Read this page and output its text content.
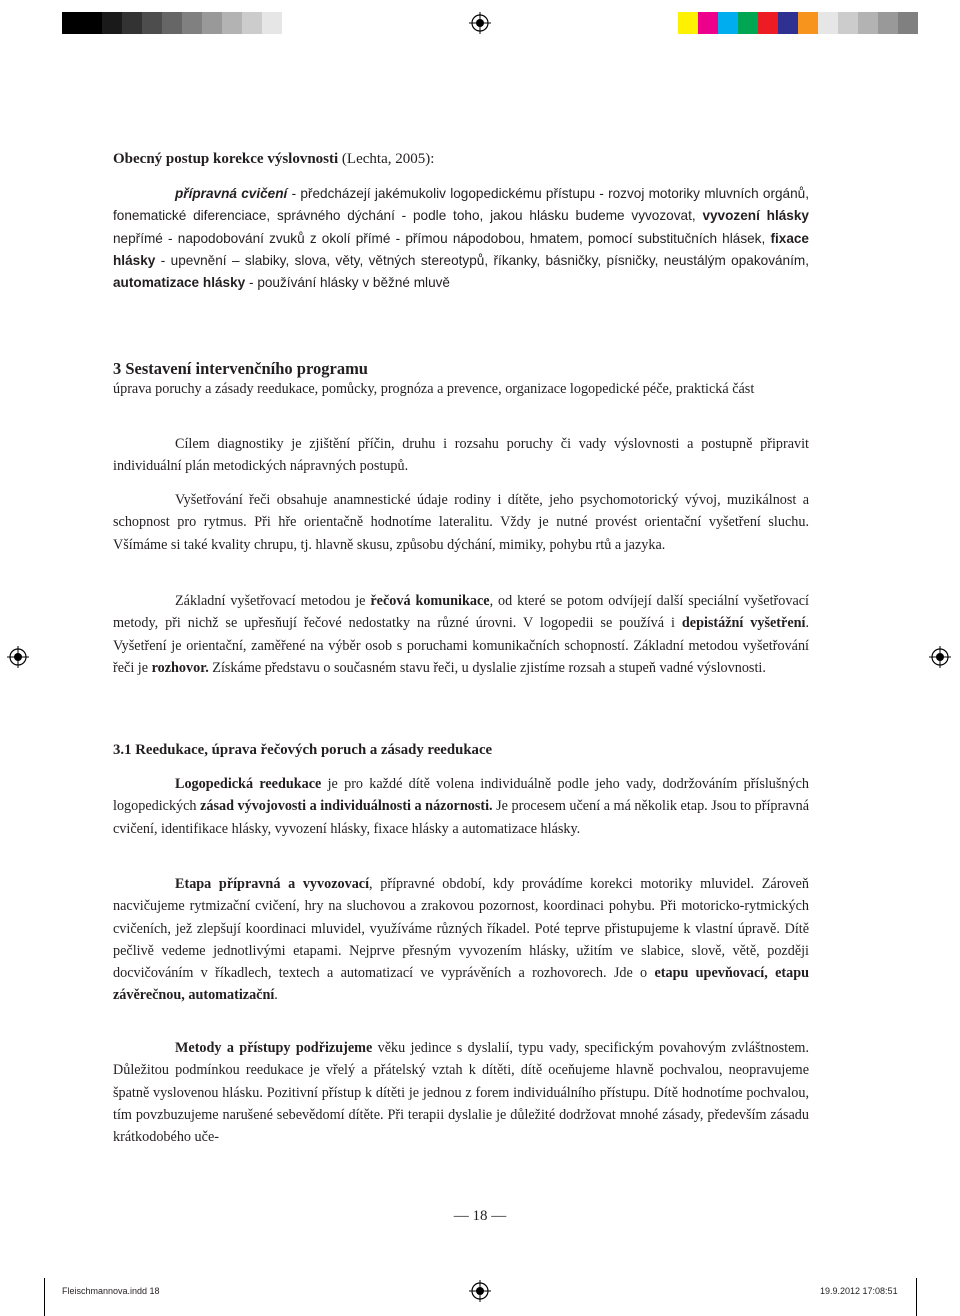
Obecný postup korekce výslovnosti (Lechta, 2005):
přípravná cvičení - předcházejí jakémukoliv logopedickému přístupu - rozvoj motoriky mluvních orgánů, fonematické diferenciace, správného dýchání - podle toho, jakou hlásku budeme vyvozovat, vyvození hlásky nepřímé - napodobování zvuků z okolí přímé - přímou nápodobou, hmatem, pomocí substitučních hlásek, fixace hlásky - upevnění – slabiky, slova, věty, větných stereotypů, říkanky, básničky, písničky, neustálým opakováním, automatizace hlásky - používání hlásky v běžné mluvě
3 Sestavení intervenčního programu
úprava poruchy a zásady reedukace, pomůcky, prognóza a prevence, organizace logopedické péče, praktická část
Cílem diagnostiky je zjištění příčin, druhu i rozsahu poruchy či vady výslovnosti a postupně připravit individuální plán metodických nápravných postupů.
Vyšetřování řeči obsahuje anamnestické údaje rodiny i dítěte, jeho psychomotorický vývoj, muzikálnost a schopnost pro rytmus. Při hře orientačně hodnotíme lateralitu. Vždy je nutné provést orientační vyšetření sluchu. Všímáme si také kvality chrupu, tj. hlavně skusu, způsobu dýchání, mimiky, pohybu rtů a jazyka.
Základní vyšetřovací metodou je řečová komunikace, od které se potom odvíjejí další speciální vyšetřovací metody, při nichž se upřesňují řečové nedostatky na různé úrovni. V logopedii se používá i depistážní vyšetření. Vyšetření je orientační, zaměřené na výběr osob s poruchami komunikačních schopností. Základní metodou vyšetřování řeči je rozhovor. Získáme představu o současném stavu řeči, u dyslalie zjistíme rozsah a stupeň vadné výslovnosti.
3.1 Reedukace, úprava řečových poruch a zásady reedukace
Logopedická reedukace je pro každé dítě volena individuálně podle jeho vady, dodržováním příslušných logopedických zásad vývojovosti a individuálnosti a názornosti. Je procesem učení a má několik etap. Jsou to přípravná cvičení, identifikace hlásky, vyvození hlásky, fixace hlásky a automatizace hlásky.
Etapa přípravná a vyvozovací, přípravné období, kdy provádíme korekci motoriky mluvidel. Zároveň nacvičujeme rytmizační cvičení, hry na sluchovou a zrakovou pozornost, koordinaci pohybu. Při motoricko-rytmických cvičeních, jež zlepšují koordinaci mluvidel, využíváme různých říkadel. Poté teprve přistupujeme k vlastní úpravě. Dítě pečlivě vedeme jednotlivými etapami. Nejprve přesným vyvozením hlásky, užitím ve slabice, slově, větě, později docvičováním v říkadlech, textech a automatizací ve vyprávěních a rozhovorech. Jde o etapu upevňovací, etapu závěrečnou, automatizační.
Metody a přístupy podřizujeme věku jedince s dyslalií, typu vady, specifickým povahovým zvláštnostem. Důležitou podmínkou reedukace je vřelý a přátelský vztah k dítěti, dítě oceňujeme hlavně pochvalou, neopravujeme špatně vyslovenou hlásku. Pozitivní přístup k dítěti je jednou z forem individuálního přístupu. Dítě hodnotíme pochvalou, tím povzbuzujeme narušené sebevědomí dítěte. Při terapii dyslalie je důležité dodržovat mnohé zásady, především zásadu krátkodobého uče-
— 18 —
Fleischmannova.indd 18	19.9.2012 17:08:51
